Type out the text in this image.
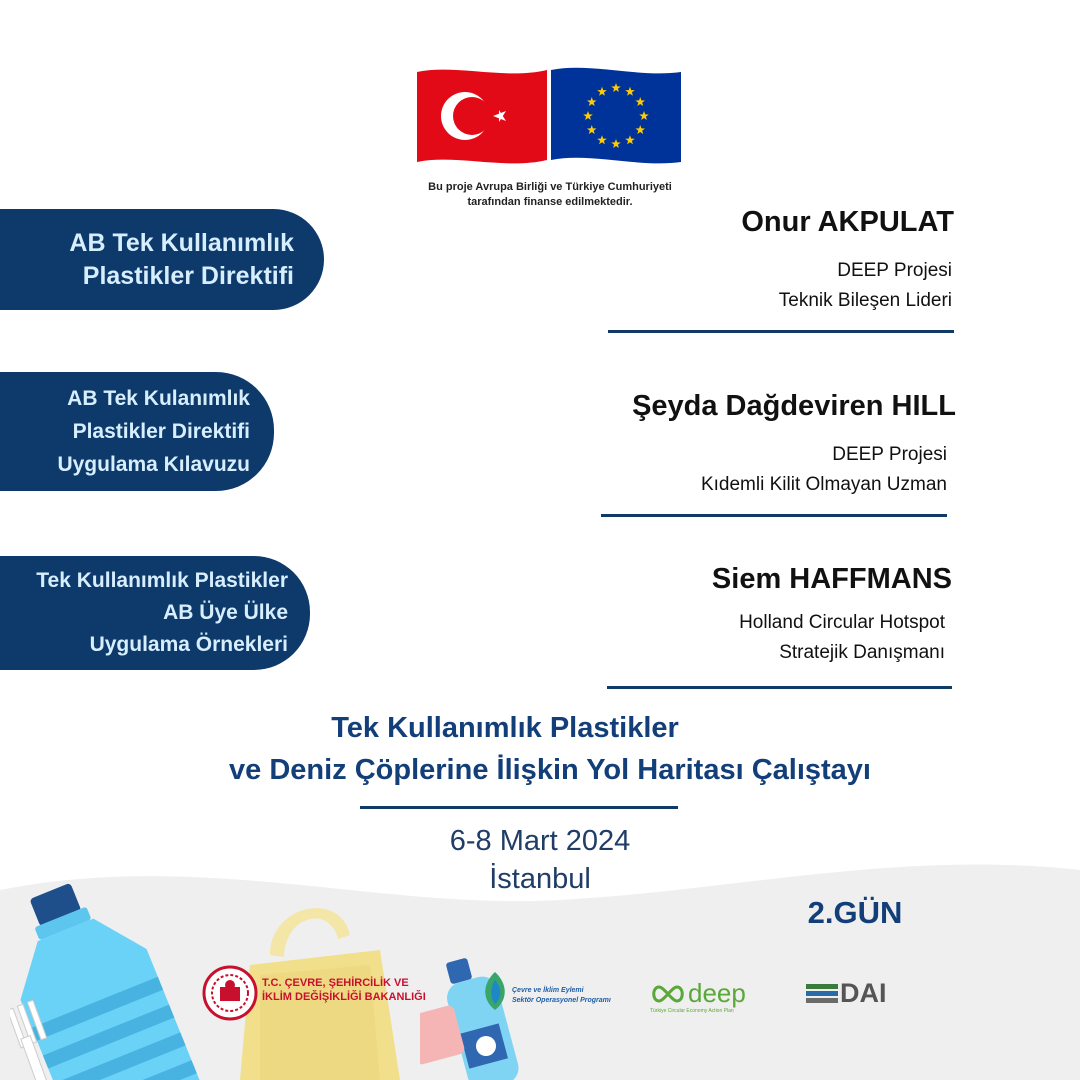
Bu proje Avrupa Birliği ve Türkiye Cumhuriyeti
tarafından finanse edilmektedir.
AB Tek Kullanımlık
Plastikler Direktifi
AB Tek Kulanımlık
Plastikler Direktifi
Uygulama Kılavuzu
Tek Kullanımlık Plastikler
AB Üye Ülke
Uygulama Örnekleri
Onur AKPULAT
DEEP Projesi
Teknik Bileşen Lideri
Şeyda Dağdeviren HILL
DEEP Projesi
Kıdemli Kilit Olmayan Uzman
Siem HAFFMANS
Holland Circular Hotspot
Stratejik Danışmanı
Tek Kullanımlık Plastikler
ve Deniz Çöplerine İlişkin Yol Haritası Çalıştayı
6-8 Mart 2024
İstanbul
2.GÜN
T.C. ÇEVRE, ŞEHİRCİLİK VE
İKLİM DEĞİŞİKLİĞİ BAKANLIĞI
Çevre ve İklim Eylemi
Sektör Operasyonel Programı	deep
Türkiye Circular Economy Action Plan
DAI
